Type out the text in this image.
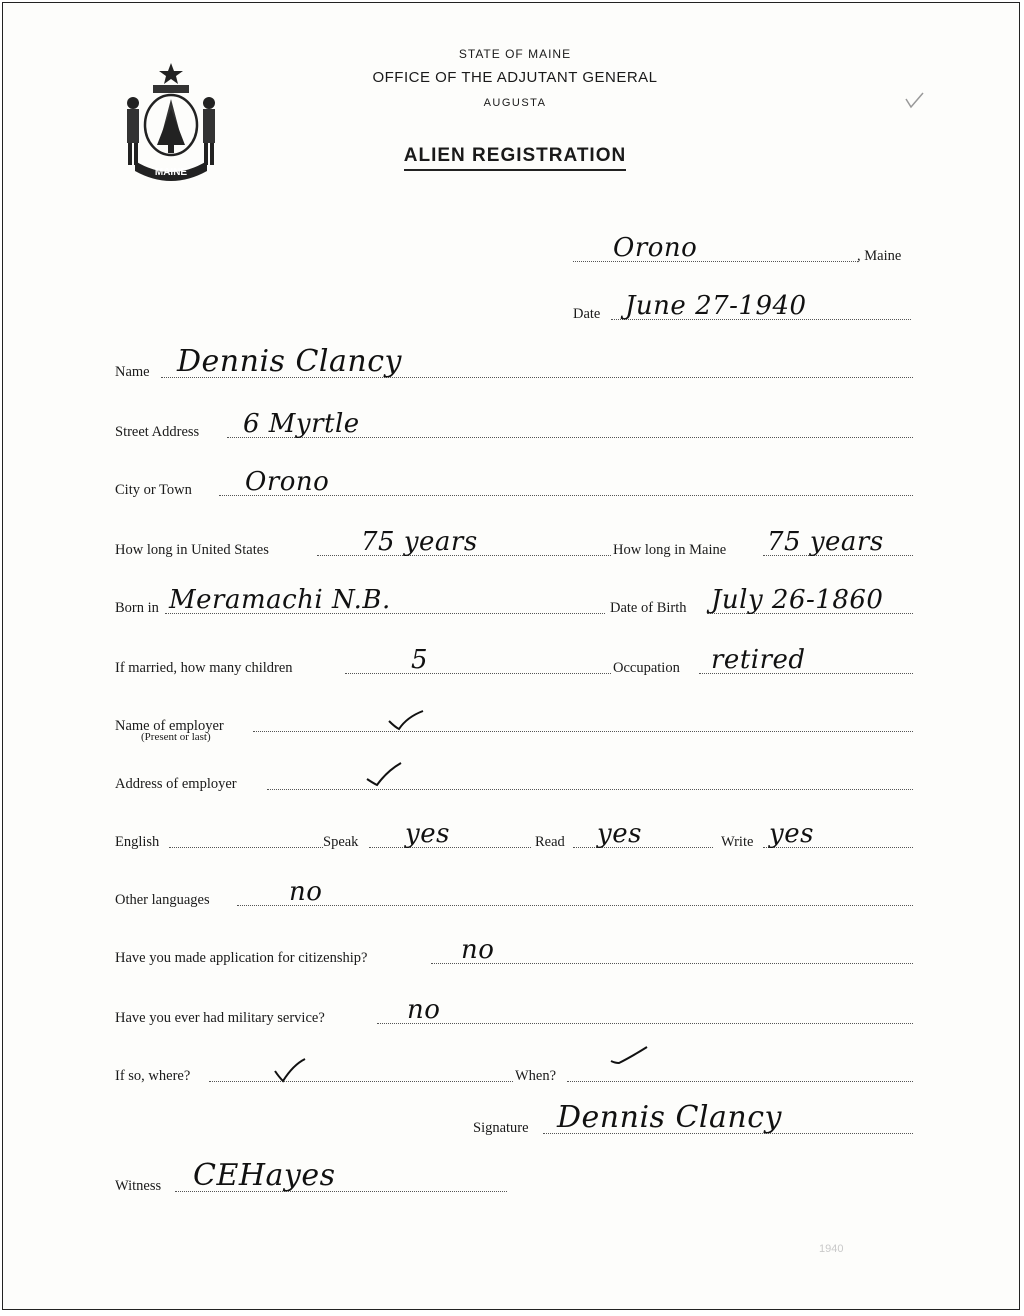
MAINE
STATE OF MAINE
OFFICE OF THE ADJUTANT GENERAL
AUGUSTA
ALIEN REGISTRATION
Orono	, Maine
Date June 27-1940
Name Dennis Clancy
Street Address 6 Myrtle
City or Town Orono
How long in United States	75 years	How long in Maine 75 years
Born in Meramachi N.B.	Date of Birth July 26-1860
If married, how many children	5	Occupation retired
Name of employer
(Present or last)
Address of employer
English	Speak yes	Read yes	Write yes
Other languages	no
Have you made application for citizenship?	no
Have you ever had military service?	no
If so, where?	When?
Signature Dennis Clancy
Witness CEHayes
1940
